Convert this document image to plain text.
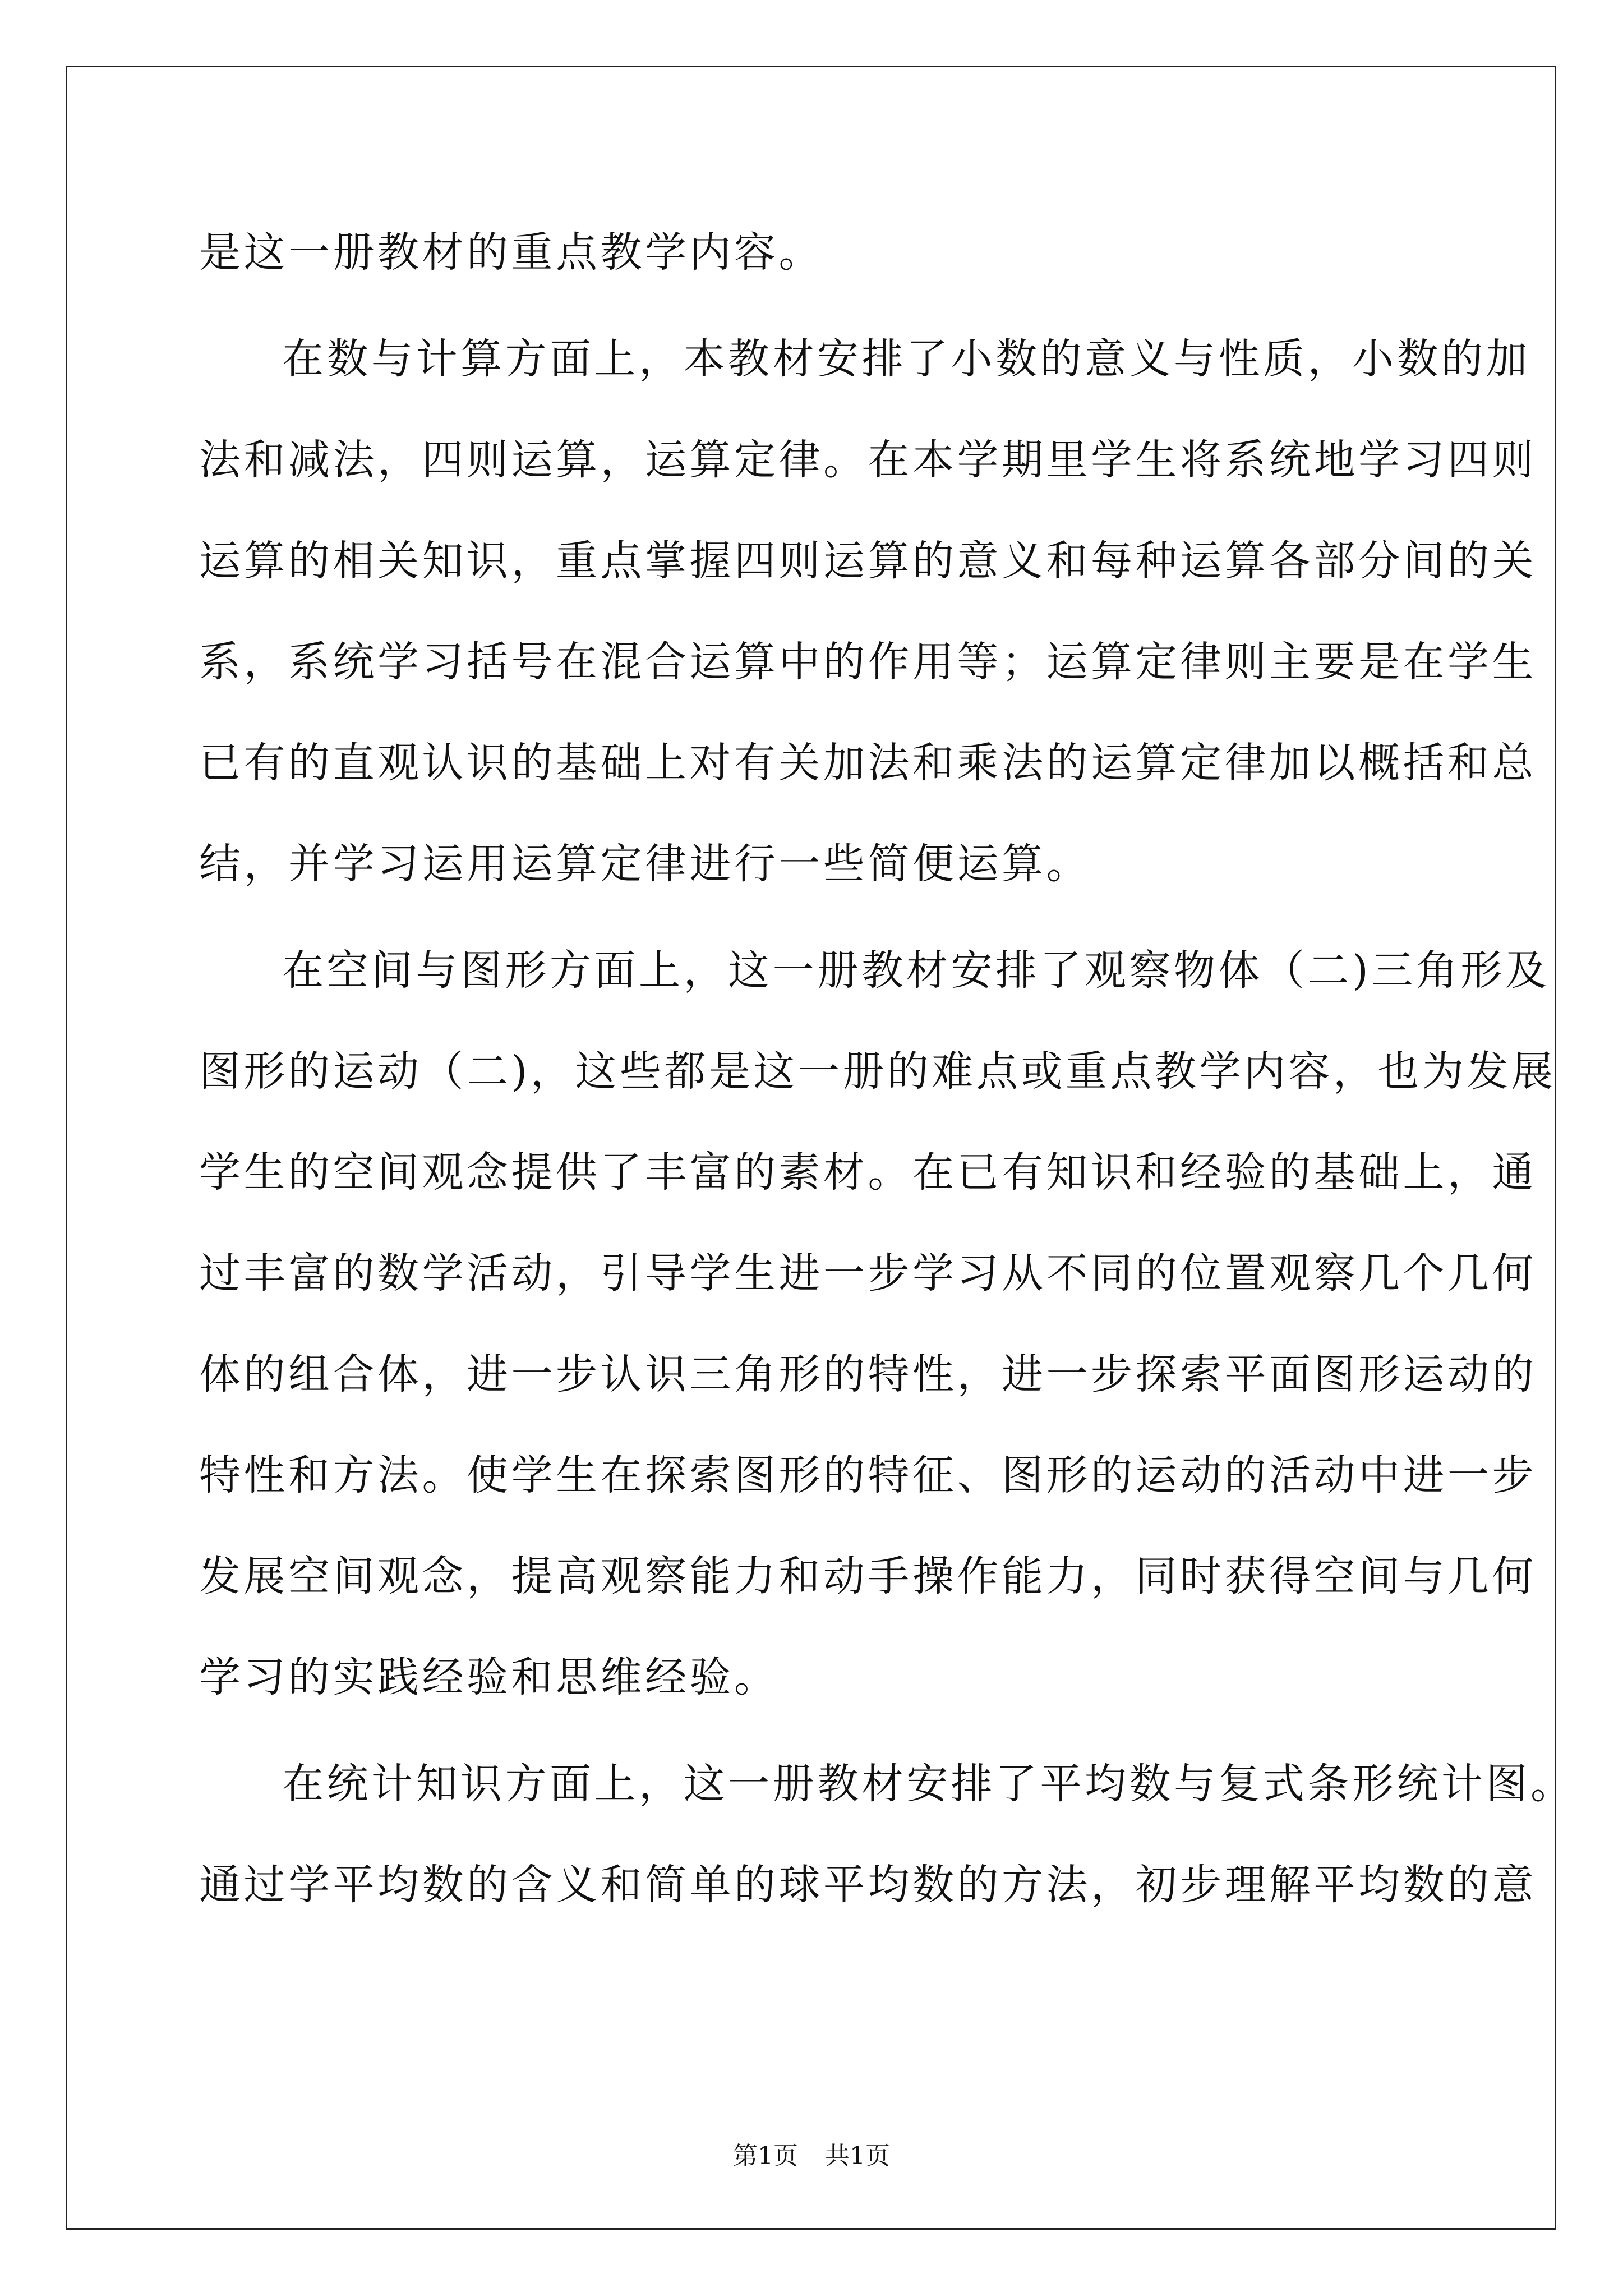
是这一册教材的重点教学内容。
在数与计算方面上，本教材安排了小数的意义与性质，小数的加
法和减法，四则运算，运算定律。在本学期里学生将系统地学习四则
运算的相关知识，重点掌握四则运算的意义和每种运算各部分间的关
系，系统学习括号在混合运算中的作用等；运算定律则主要是在学生
已有的直观认识的基础上对有关加法和乘法的运算定律加以概括和总
结，并学习运用运算定律进行一些简便运算。
在空间与图形方面上，这一册教材安排了观察物体（二)三角形及
图形的运动（二)，这些都是这一册的难点或重点教学内容，也为发展
学生的空间观念提供了丰富的素材。在已有知识和经验的基础上，通
过丰富的数学活动，引导学生进一步学习从不同的位置观察几个几何
体的组合体，进一步认识三角形的特性，进一步探索平面图形运动的
特性和方法。使学生在探索图形的特征、图形的运动的活动中进一步
发展空间观念，提高观察能力和动手操作能力，同时获得空间与几何
学习的实践经验和思维经验。
在统计知识方面上，这一册教材安排了平均数与复式条形统计图。
通过学平均数的含义和简单的球平均数的方法，初步理解平均数的意
第1页 共1页
